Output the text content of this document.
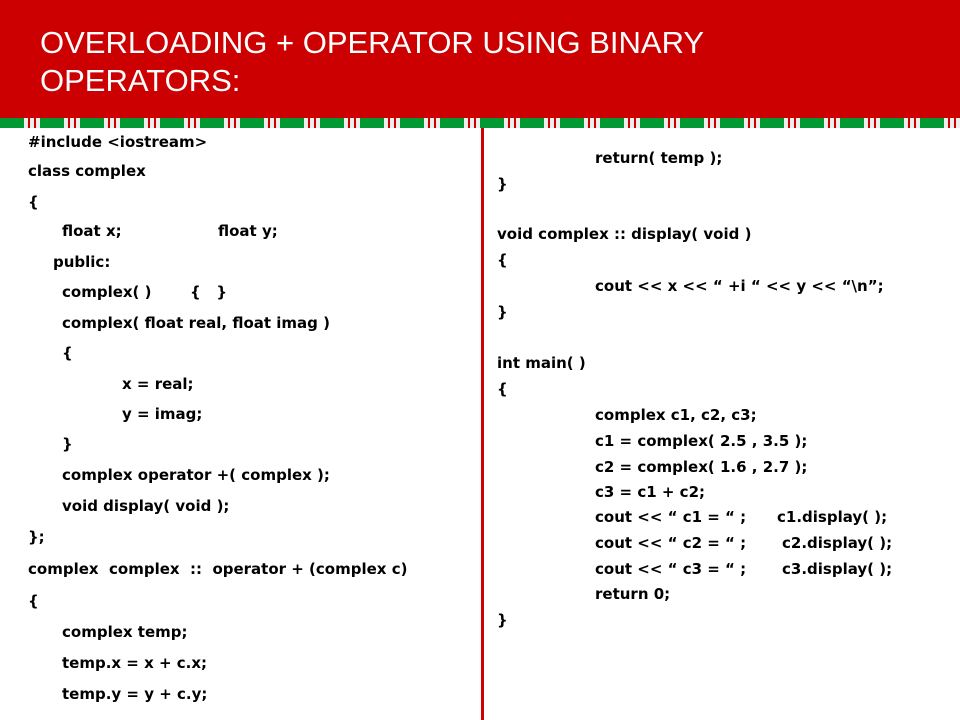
OVERLOADING + OPERATOR USING BINARY
OPERATORS:

#include <iostream>

class complex

{

float x;

	float y;

public:

complex( )

	{   }

complex( float real, float imag )

{

x = real;

y = imag;

}

complex operator +( complex );

void display( void );

};

complex  complex  ::  operator + (complex c)

{

complex temp;

temp.x = x + c.x;

temp.y = y + c.y;

return( temp );

}

void complex :: display( void )

{

cout << x << “ +i “ << y << “\n”;

}

int main( )

{

complex c1, c2, c3;

c1 = complex( 2.5 , 3.5 );

c2 = complex( 1.6 , 2.7 );

c3 = c1 + c2;

cout << “ c1 = “ ;

c1.display( );

cout << “ c2 = “ ;

c2.display( );

cout << “ c3 = “ ;

c3.display( );

return 0;

}
